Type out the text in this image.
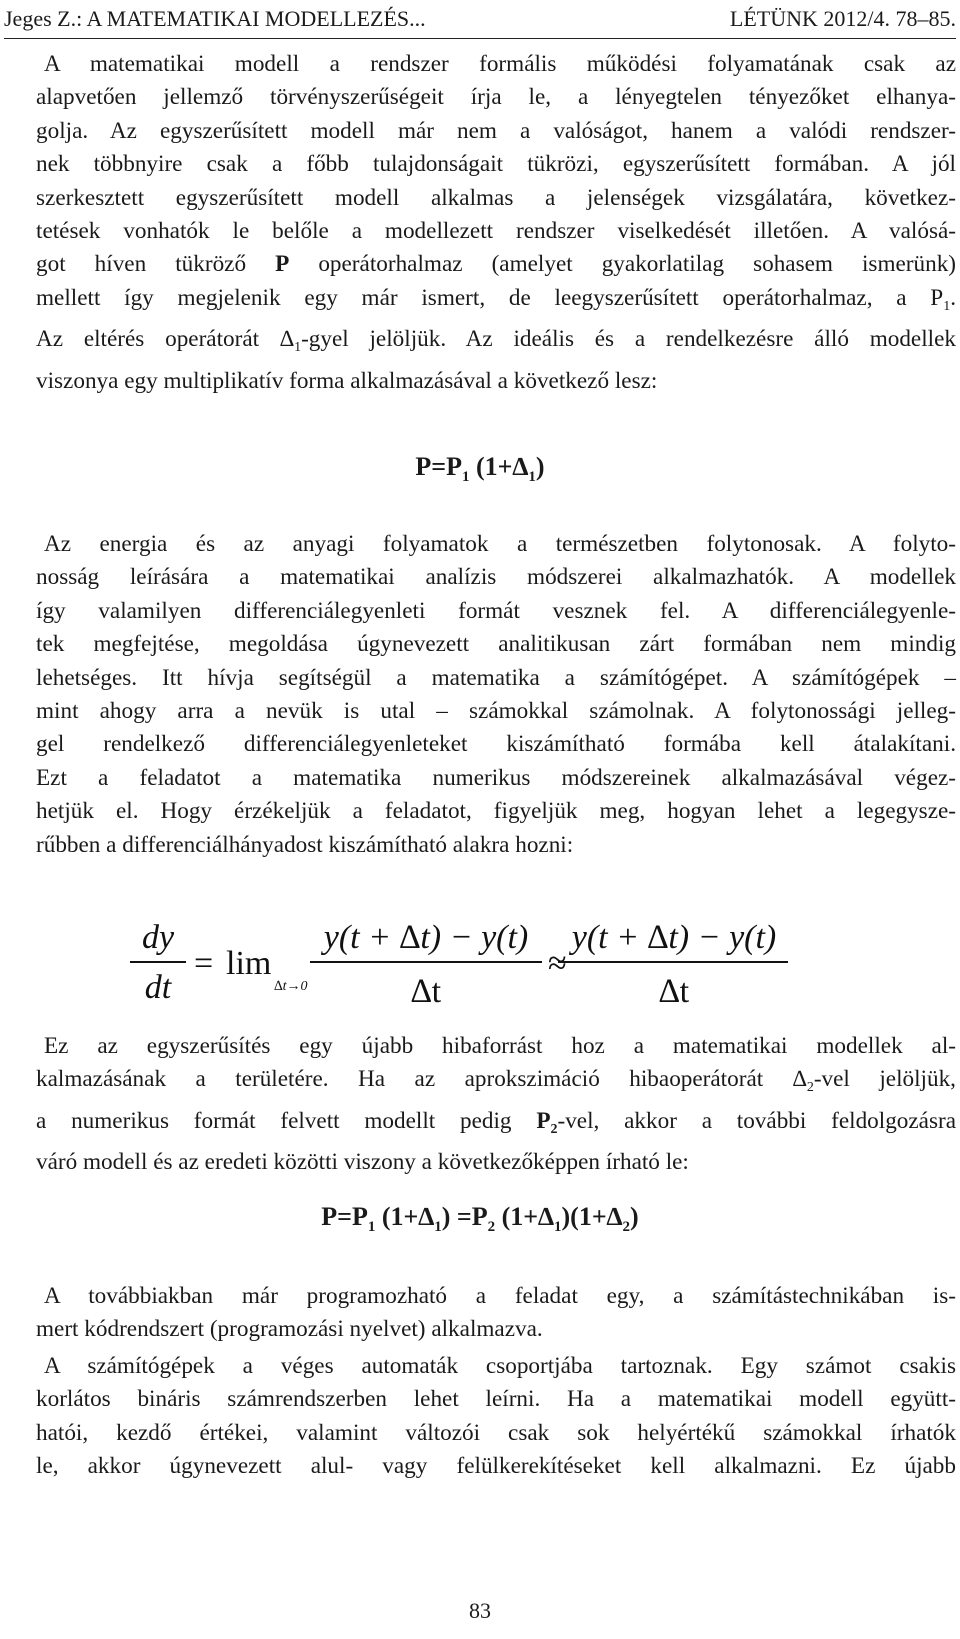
Jeges Z.: A MATEMATIKAI MODELLEZÉS...	LÉTÜNK 2012/4. 78–85.
A matematikai modell a rendszer formális működési folyamatának csak az
alapvetően jellemző törvényszerűségeit írja le, a lényegtelen tényezőket elhanya-
golja. Az egyszerűsített modell már nem a valóságot, hanem a valódi rendszer-
nek többnyire csak a főbb tulajdonságait tükrözi, egyszerűsített formában. A jól
szerkesztett egyszerűsített modell alkalmas a jelenségek vizsgálatára, következ-
tetések vonhatók le belőle a modellezett rendszer viselkedését illetően. A valósá-
got híven tükröző P operátorhalmaz (amelyet gyakorlatilag sohasem ismerünk)
mellett így megjelenik egy már ismert, de leegyszerűsített operátorhalmaz, a $P_1$.
Az eltérés operátorát $\Delta_1$-gyel jelöljük. Az ideális és a rendelkezésre álló modellek
viszonya egy multiplikatív forma alkalmazásával a következő lesz:
$P=P_1$ $(1+\Delta_1)$
Az energia és az anyagi folyamatok a természetben folytonosak. A folyto-
nosság leírására a matematikai analízis módszerei alkalmazhatók. A modellek
így valamilyen differenciálegyenleti formát vesznek fel. A differenciálegyenle-
tek megfejtése, megoldása úgynevezett analitikusan zárt formában nem mindig
lehetséges. Itt hívja segítségül a matematika a számítógépet. A számítógépek –
mint ahogy arra a nevük is utal – számokkal számolnak. A folytonossági jelleg-
gel rendelkező differenciálegyenleteket kiszámítható formába kell átalakítani.
Ezt a feladatot a matematika numerikus módszereinek alkalmazásával végez-
hetjük el. Hogy érzékeljük a feladatot, figyeljük meg, hogyan lehet a legegysze-
rűbben a differenciálhányadost kiszámítható alakra hozni:
dy
dt
= lim
∆t→0
y(t + ∆t) − y(t)
∆t
≈
y(t + ∆t) − y(t)
∆t
Ez az egyszerűsítés egy újabb hibaforrást hoz a matematikai modellek al-
kalmazásának a területére. Ha az aprokszimáció hibaoperátorát $\Delta_2$-vel jelöljük,
a numerikus formát felvett modellt pedig $P_2$-vel, akkor a további feldolgozásra
váró modell és az eredeti közötti viszony a következőképpen írható le:
$P=P_1$ $(1+\Delta_1) =P_2$ $(1+\Delta_1)(1+\Delta_2)$
A továbbiakban már programozható a feladat egy, a számítástechnikában is-
mert kódrendszert (programozási nyelvet) alkalmazva.
A számítógépek a véges automaták csoportjába tartoznak. Egy számot csakis
korlátos bináris számrendszerben lehet leírni. Ha a matematikai modell együtt-
hatói, kezdő értékei, valamint változói csak sok helyértékű számokkal írhatók
le, akkor úgynevezett alul- vagy felülkerekítéseket kell alkalmazni. Ez újabb
83
